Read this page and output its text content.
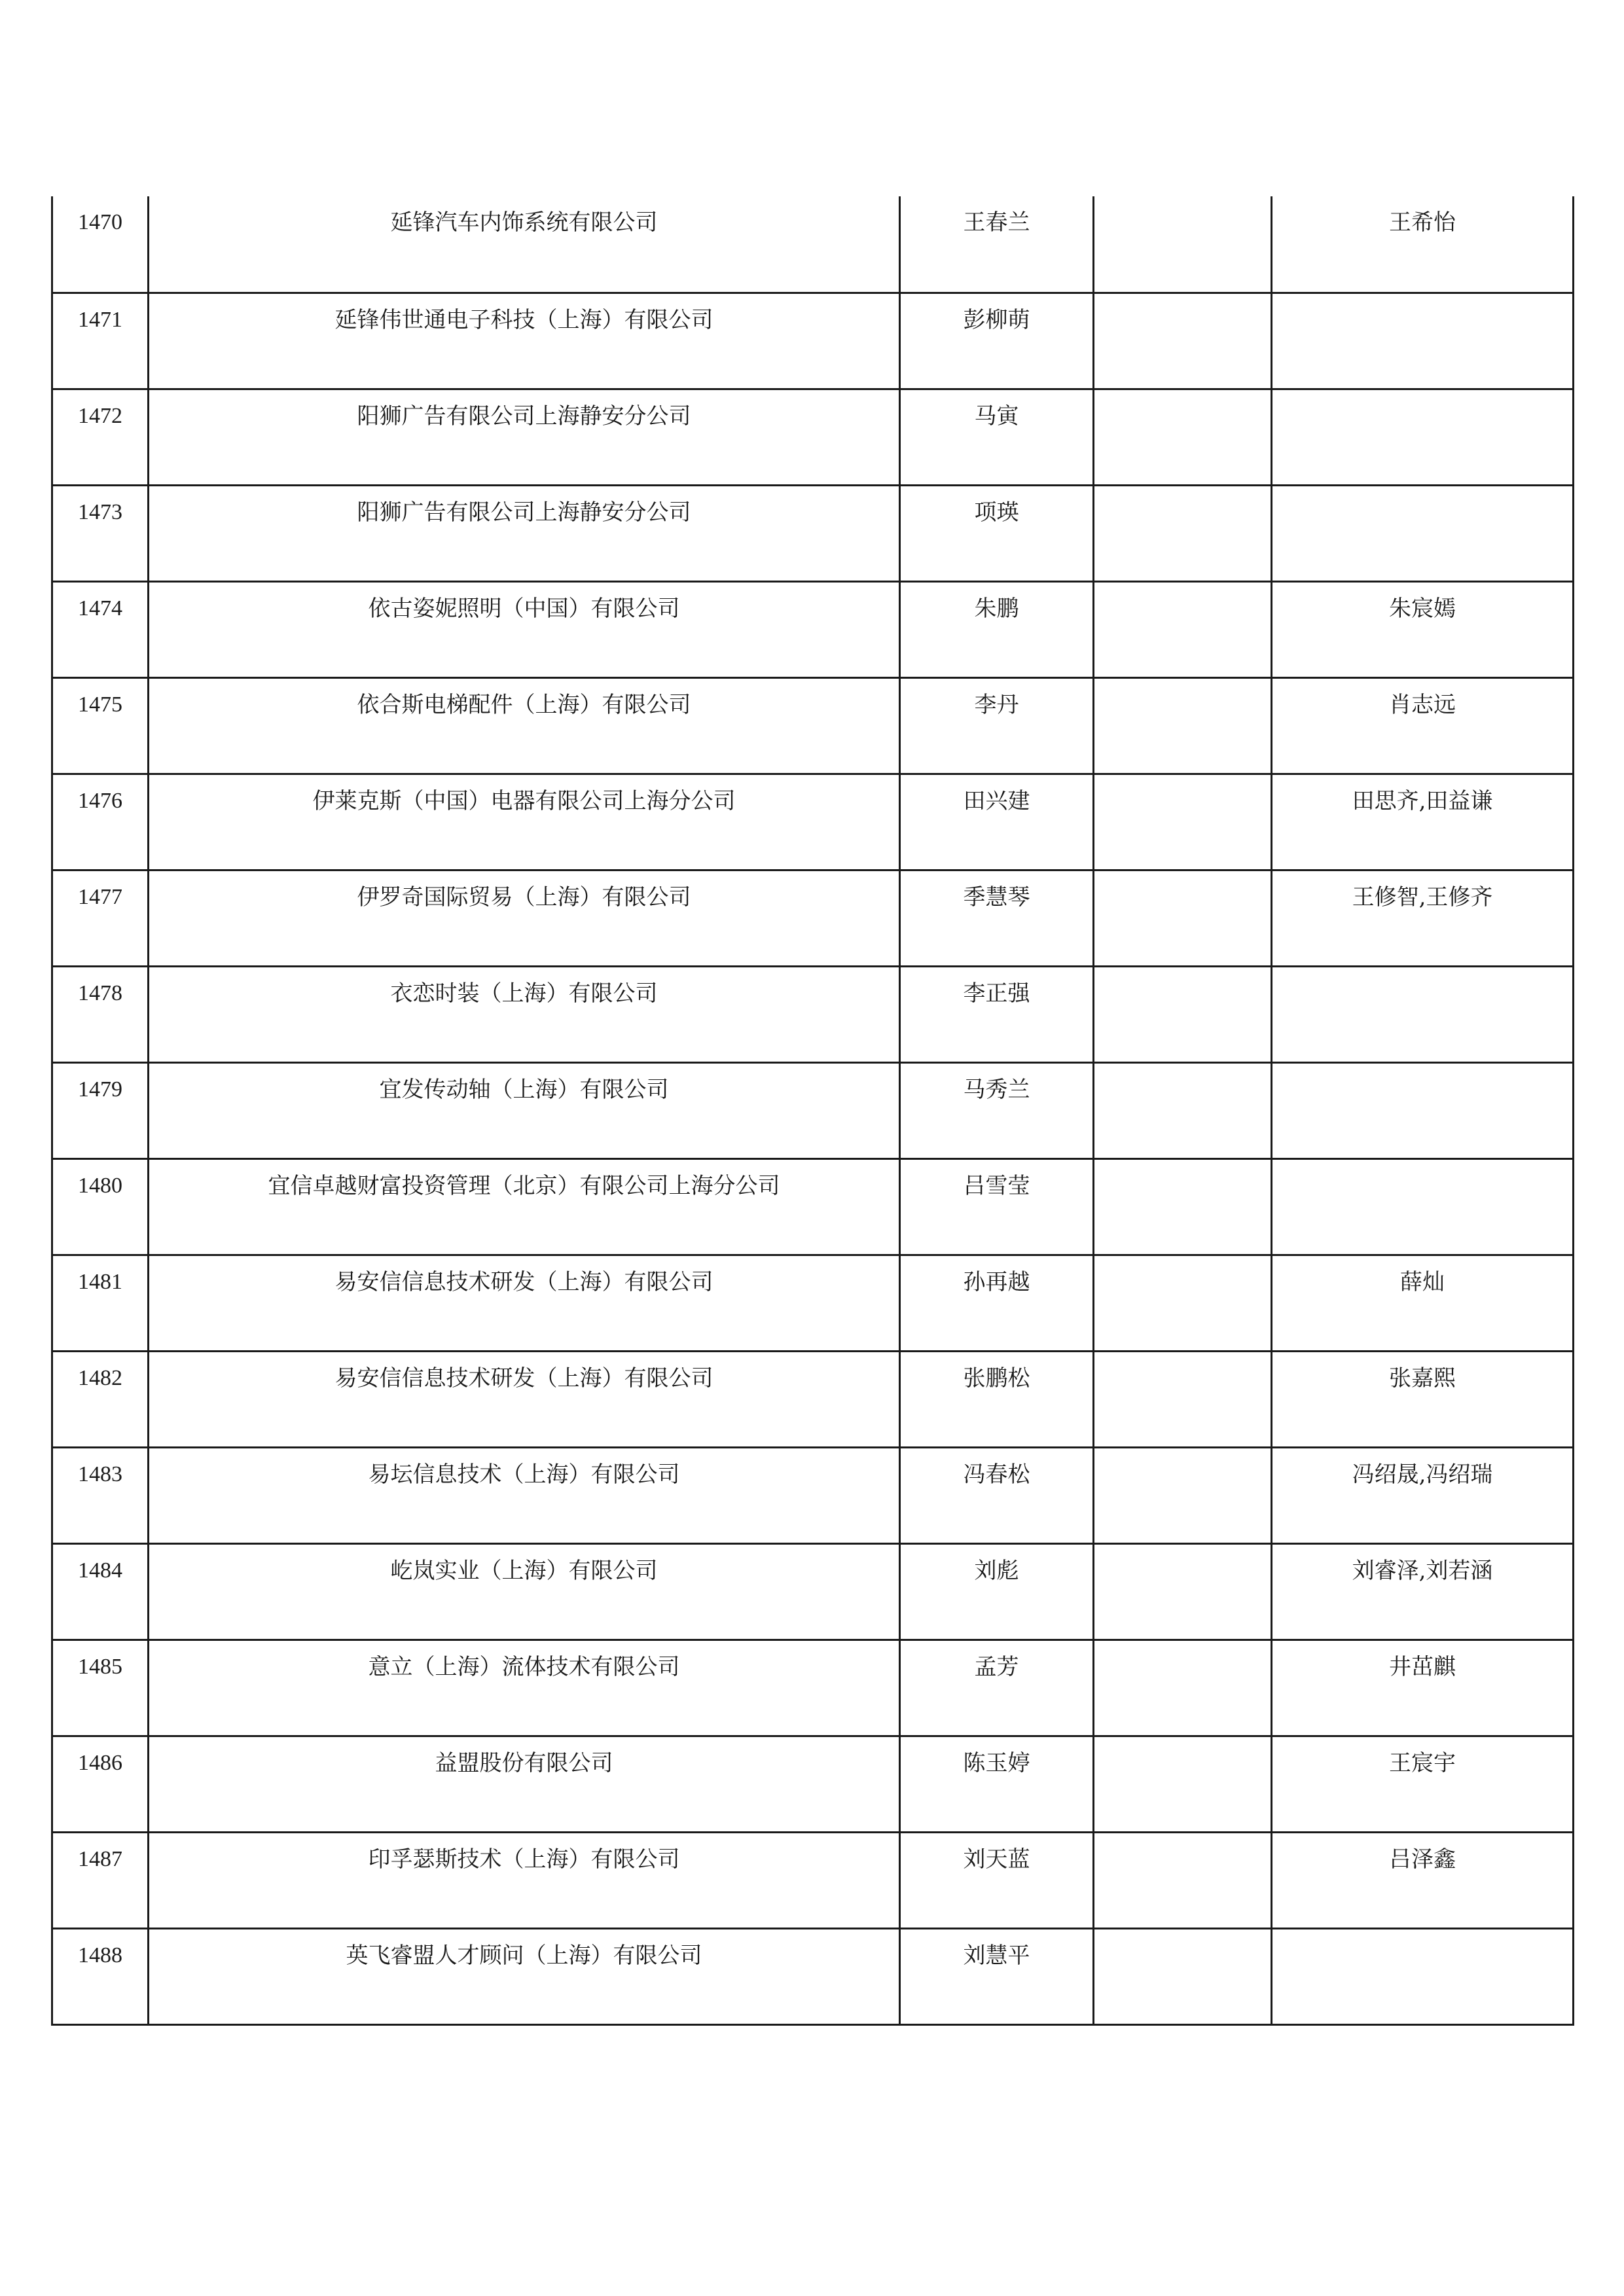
1470	延锋汽车内饰系统有限公司	王春兰		王希怡
1471	延锋伟世通电子科技（上海）有限公司	彭柳萌		
1472	阳狮广告有限公司上海静安分公司	马寅		
1473	阳狮广告有限公司上海静安分公司	项瑛		
1474	依古姿妮照明（中国）有限公司	朱鹏		朱宸嫣
1475	依合斯电梯配件（上海）有限公司	李丹		肖志远
1476	伊莱克斯（中国）电器有限公司上海分公司	田兴建		田思齐,田益谦
1477	伊罗奇国际贸易（上海）有限公司	季慧琴		王修智,王修齐
1478	衣恋时装（上海）有限公司	李正强		
1479	宜发传动轴（上海）有限公司	马秀兰		
1480	宜信卓越财富投资管理（北京）有限公司上海分公司	吕雪莹		
1481	易安信信息技术研发（上海）有限公司	孙再越		薛灿
1482	易安信信息技术研发（上海）有限公司	张鹏松		张嘉熙
1483	易坛信息技术（上海）有限公司	冯春松		冯绍晟,冯绍瑞
1484	屹岚实业（上海）有限公司	刘彪		刘睿泽,刘若涵
1485	意立（上海）流体技术有限公司	孟芳		井茁麒
1486	益盟股份有限公司	陈玉婷		王宸宇
1487	印孚瑟斯技术（上海）有限公司	刘天蓝		吕泽鑫
1488	英飞睿盟人才顾问（上海）有限公司	刘慧平		
